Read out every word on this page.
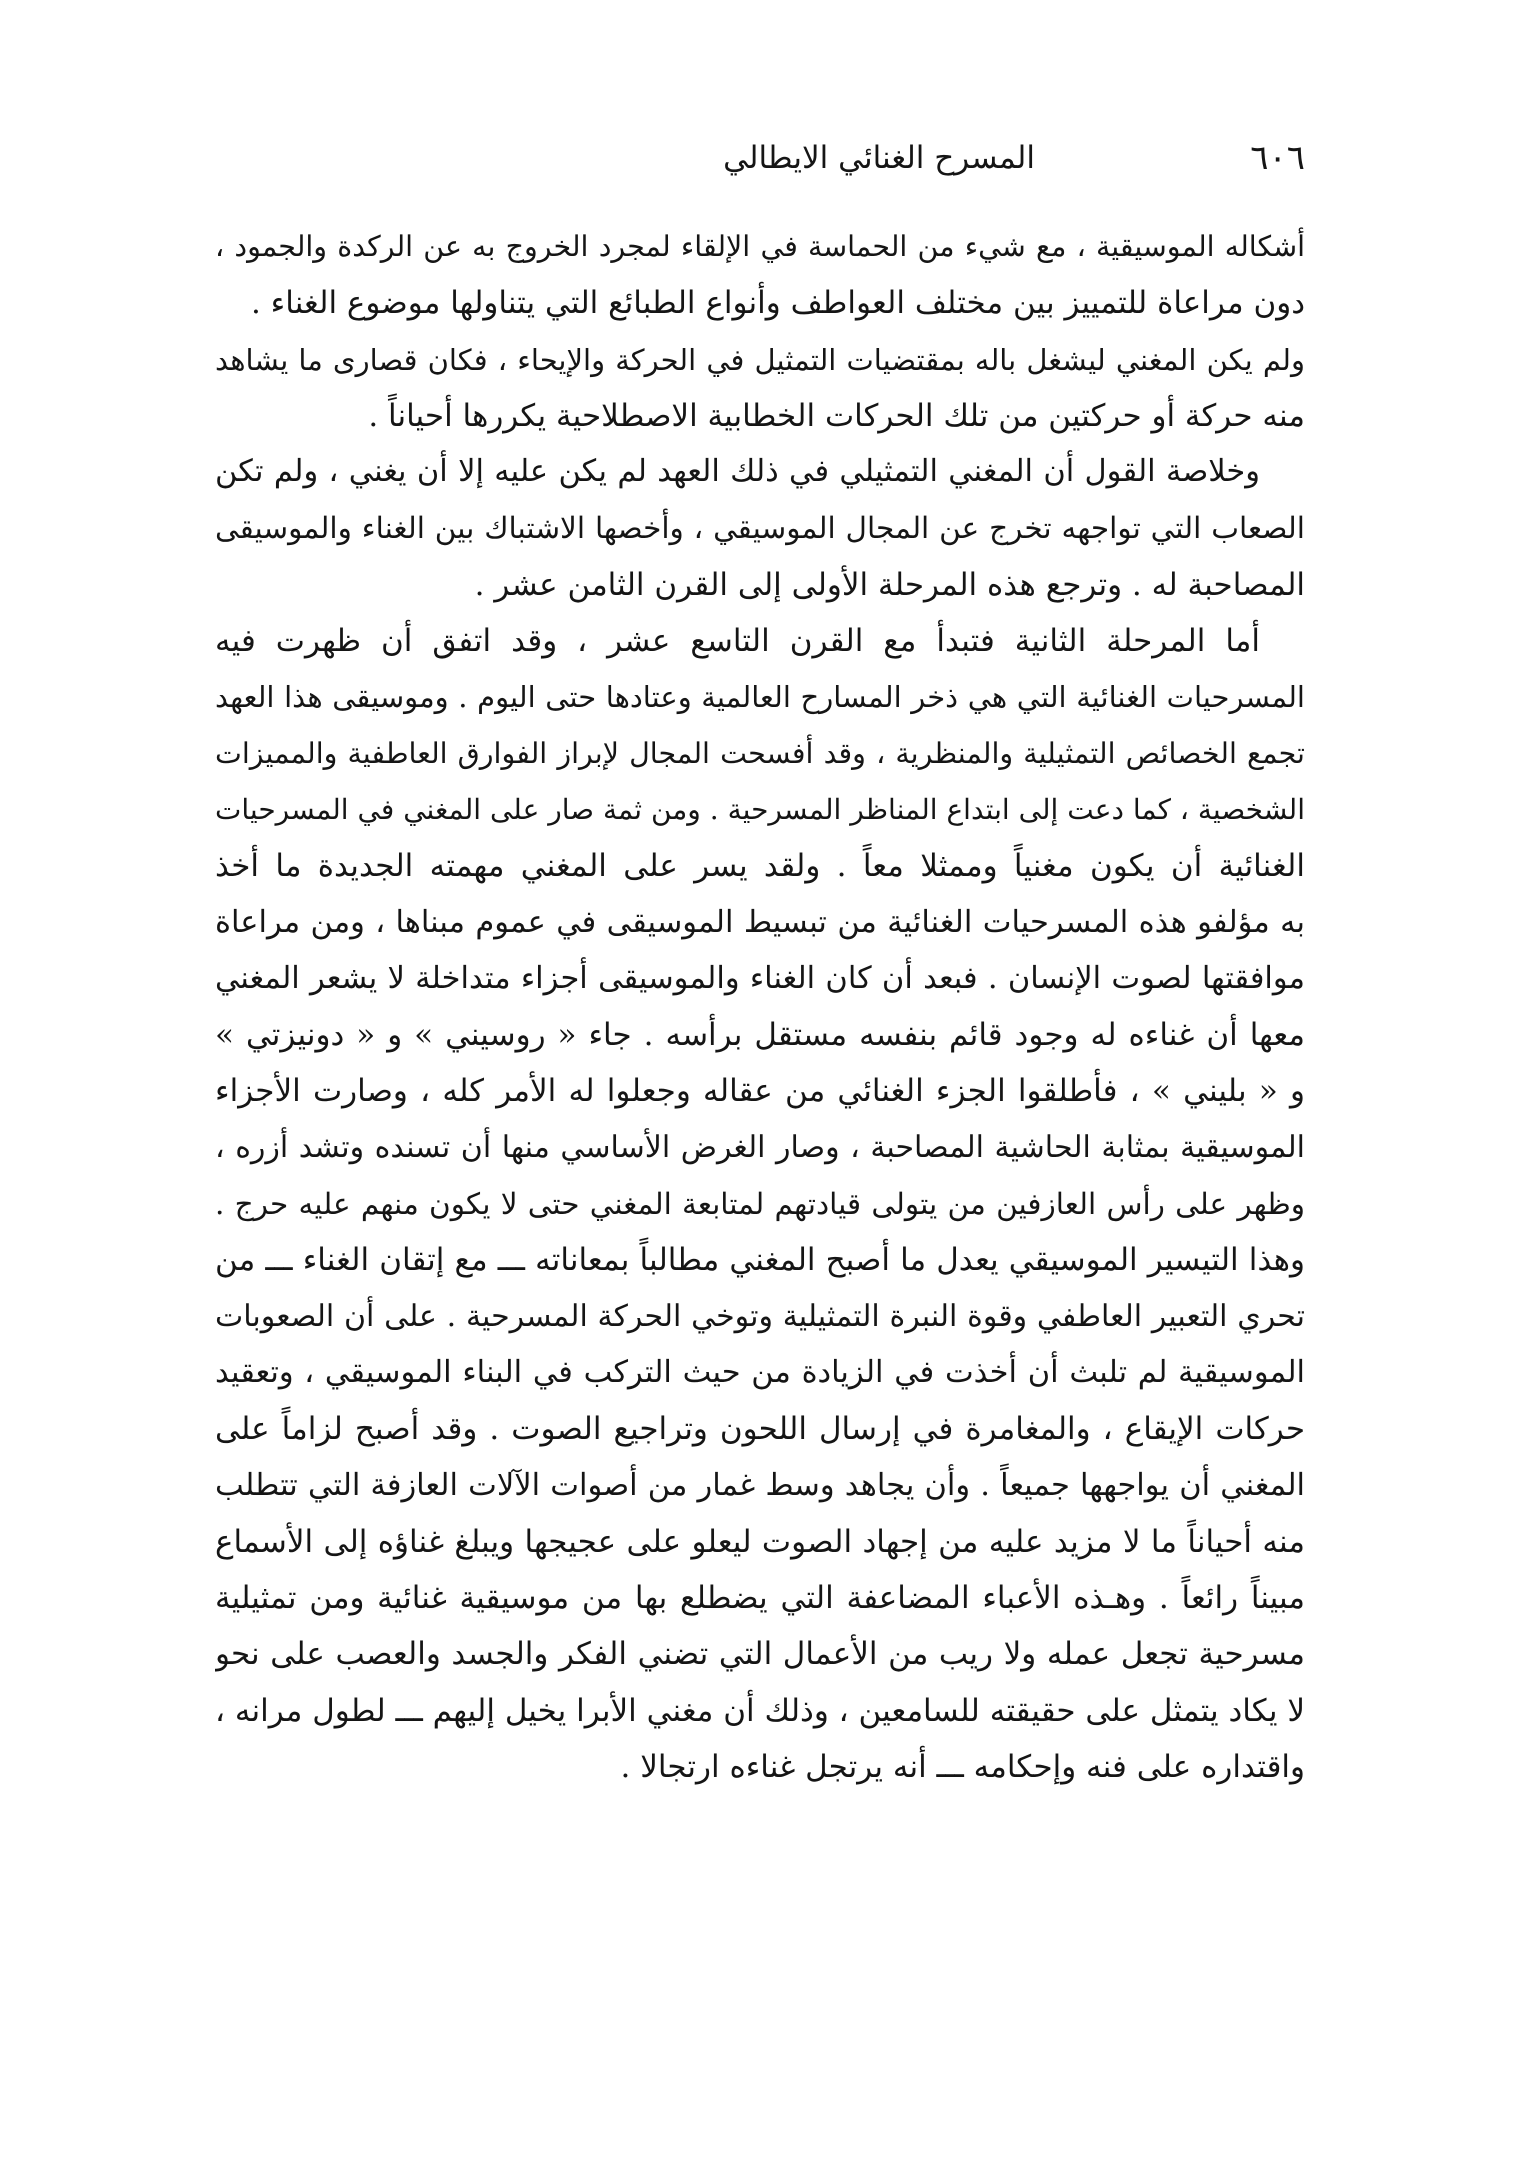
٦٠٦
المسرح الغنائي الايطالي
أشكاله الموسيقية ، مع شيء من الحماسة في الإلقاء لمجرد الخروج به عن الركدة والجمود ،
دون مراعاة للتمييز بين مختلف العواطف وأنواع الطبائع التي يتناولها موضوع الغناء .
ولم يكن المغني ليشغل باله بمقتضيات التمثيل في الحركة والإيحاء ، فكان قصارى ما يشاهد
منه حركة أو حركتين من تلك الحركات الخطابية الاصطلاحية يكررها أحياناً .
وخلاصة القول أن المغني التمثيلي في ذلك العهد لم يكن عليه إلا أن يغني ، ولم تكن
الصعاب التي تواجهه تخرج عن المجال الموسيقي ، وأخصها الاشتباك بين الغناء والموسيقى
المصاحبة له . وترجع هذه المرحلة الأولى إلى القرن الثامن عشر .
أما المرحلة الثانية فتبدأ مع القرن التاسع عشر ، وقد اتفق أن ظهرت فيه
المسرحيات الغنائية التي هي ذخر المسارح العالمية وعتادها حتى اليوم . وموسيقى هذا العهد
تجمع الخصائص التمثيلية والمنظرية ، وقد أفسحت المجال لإبراز الفوارق العاطفية والمميزات
الشخصية ، كما دعت إلى ابتداع المناظر المسرحية . ومن ثمة صار على المغني في المسرحيات
الغنائية أن يكون مغنياً وممثلا معاً . ولقد يسر على المغني مهمته الجديدة ما أخذ
به مؤلفو هذه المسرحيات الغنائية من تبسيط الموسيقى في عموم مبناها ، ومن مراعاة
موافقتها لصوت الإنسان . فبعد أن كان الغناء والموسيقى أجزاء متداخلة لا يشعر المغني
معها أن غناءه له وجود قائم بنفسه مستقل برأسه . جاء « روسيني » و « دونيزتي »
و « بليني » ، فأطلقوا الجزء الغنائي من عقاله وجعلوا له الأمر كله ، وصارت الأجزاء
الموسيقية بمثابة الحاشية المصاحبة ، وصار الغرض الأساسي منها أن تسنده وتشد أزره ،
وظهر على رأس العازفين من يتولى قيادتهم لمتابعة المغني حتى لا يكون منهم عليه حرج .
وهذا التيسير الموسيقي يعدل ما أصبح المغني مطالباً بمعاناته ـــ مع إتقان الغناء ـــ من
تحري التعبير العاطفي وقوة النبرة التمثيلية وتوخي الحركة المسرحية . على أن الصعوبات
الموسيقية لم تلبث أن أخذت في الزيادة من حيث التركب في البناء الموسيقي ، وتعقيد
حركات الإيقاع ، والمغامرة في إرسال اللحون وتراجيع الصوت . وقد أصبح لزاماً على
المغني أن يواجهها جميعاً . وأن يجاهد وسط غمار من أصوات الآلات العازفة التي تتطلب
منه أحياناً ما لا مزيد عليه من إجهاد الصوت ليعلو على عجيجها ويبلغ غناؤه إلى الأسماع
مبيناً رائعاً . وهـذه الأعباء المضاعفة التي يضطلع بها من موسيقية غنائية ومن تمثيلية
مسرحية تجعل عمله ولا ريب من الأعمال التي تضني الفكر والجسد والعصب على نحو
لا يكاد يتمثل على حقيقته للسامعين ، وذلك أن مغني الأبرا يخيل إليهم ـــ لطول مرانه ،
واقتداره على فنه وإحكامه ـــ أنه يرتجل غناءه ارتجالا .
